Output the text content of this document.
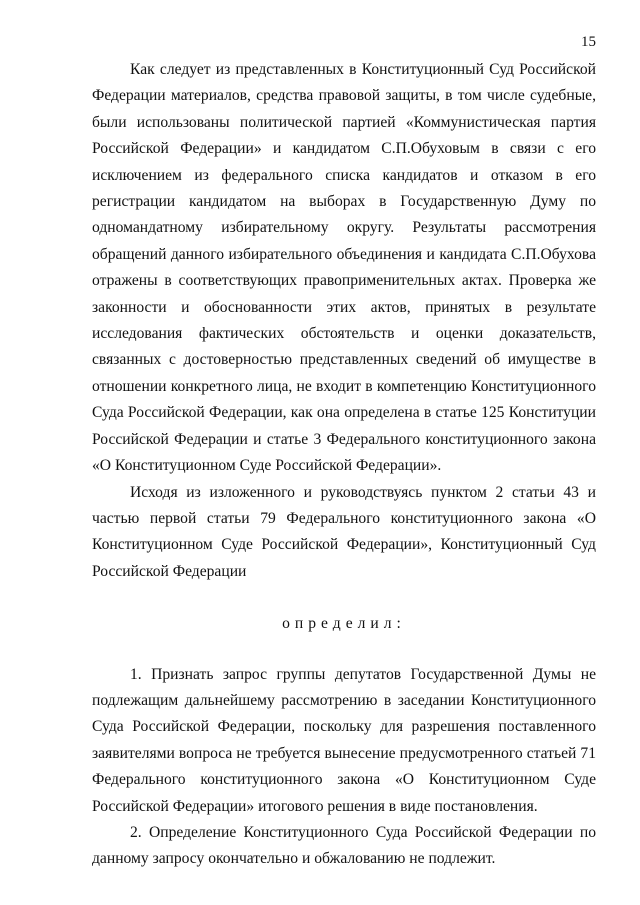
15

Как следует из представленных в Конституционный Суд Российской Федерации материалов, средства правовой защиты, в том числе судебные, были использованы политической партией «Коммунистическая партия Российской Федерации» и кандидатом С.П.Обуховым в связи с его исключением из федерального списка кандидатов и отказом в его регистрации кандидатом на выборах в Государственную Думу по одномандатному избирательному округу. Результаты рассмотрения обращений данного избирательного объединения и кандидата С.П.Обухова отражены в соответствующих правоприменительных актах. Проверка же законности и обоснованности этих актов, принятых в результате исследования фактических обстоятельств и оценки доказательств, связанных с достоверностью представленных сведений об имуществе в отношении конкретного лица, не входит в компетенцию Конституционного Суда Российской Федерации, как она определена в статье 125 Конституции Российской Федерации и статье 3 Федерального конституционного закона «О Конституционном Суде Российской Федерации».

Исходя из изложенного и руководствуясь пунктом 2 статьи 43 и частью первой статьи 79 Федерального конституционного закона «О Конституционном Суде Российской Федерации», Конституционный Суд Российской Федерации

определил:

1. Признать запрос группы депутатов Государственной Думы не подлежащим дальнейшему рассмотрению в заседании Конституционного Суда Российской Федерации, поскольку для разрешения поставленного заявителями вопроса не требуется вынесение предусмотренного статьей 71 Федерального конституционного закона «О Конституционном Суде Российской Федерации» итогового решения в виде постановления.

2. Определение Конституционного Суда Российской Федерации по данному запросу окончательно и обжалованию не подлежит.
